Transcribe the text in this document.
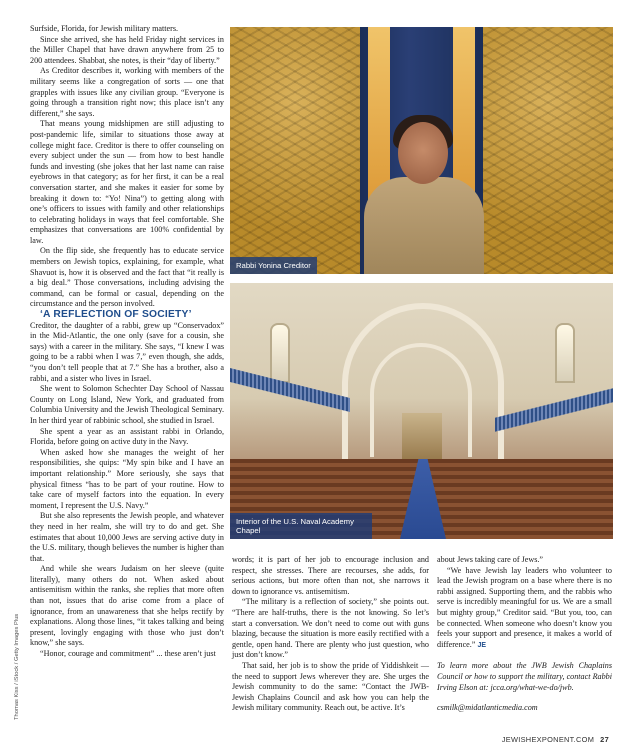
Surfside, Florida, for Jewish military matters.

Since she arrived, she has held Friday night services in the Miller Chapel that have drawn anywhere from 25 to 200 attendees. Shabbat, she notes, is their “day of liberty.”

As Creditor describes it, working with members of the military seems like a congregation of sorts — one that grapples with issues like any civilian group. “Everyone is going through a transition right now; this place isn’t any different,” she says.

That means young midshipmen are still adjusting to post-pandemic life, similar to situations those away at college might face. Creditor is there to offer counseling on every subject under the sun — from how to best handle funds and investing (she jokes that her last name can raise eyebrows in that category; as for her first, it can be a real conversation starter, and she makes it easier for some by breaking it down to: “Yo! Nina”) to getting along with one’s officers to issues with family and other relationships to celebrating holidays in ways that feel comfortable. She emphasizes that conversations are 100% confidential by law.

On the flip side, she frequently has to educate service members on Jewish topics, explaining, for example, what Shavuot is, how it is observed and the fact that “it really is a big deal.” Those conversations, including advising the command, can be formal or casual, depending on the circumstance and the person involved.

‘A REFLECTION OF SOCIETY’

Creditor, the daughter of a rabbi, grew up “Conservadox” in the Mid-Atlantic, the one only (save for a cousin, she says) with a career in the military. She says, “I knew I was going to be a rabbi when I was 7,” even though, she adds, “you don’t tell people that at 7.” She has a brother, also a rabbi, and a sister who lives in Israel.

She went to Solomon Schechter Day School of Nassau County on Long Island, New York, and graduated from Columbia University and the Jewish Theological Seminary. In her third year of rabbinic school, she studied in Israel.

She spent a year as an assistant rabbi in Orlando, Florida, before going on active duty in the Navy.

When asked how she manages the weight of her responsibilities, she quips: “My spin bike and I have an important relationship.” More seriously, she says that physical fitness “has to be part of your routine. How to take care of myself factors into the equation. In every moment, I represent the U.S. Navy.”

But she also represents the Jewish people, and whatever they need in her realm, she will try to do and get. She estimates that about 10,000 Jews are serving active duty in the U.S. military, though believes the number is higher than that.

And while she wears Judaism on her sleeve (quite literally), many others do not. When asked about antisemitism within the ranks, she replies that more often than not, issues that do arise come from a place of ignorance, from an unawareness that she helps rectify by explanations. Along those lines, “it takes talking and being present, lovingly engaging with those who just don’t know,” she says.

“Honor, courage and commitment” ... these aren’t just

Rabbi Yonina Creditor
Interior of the U.S. Naval Academy Chapel

words; it is part of her job to encourage inclusion and respect, she stresses. There are recourses, she adds, for serious actions, but more often than not, she narrows it down to ignorance vs. antisemitism.

“The military is a reflection of society,” she points out. “There are half-truths, there is the not knowing. So let’s start a conversation. We don’t need to come out with guns blazing, because the situation is more easily rectified with a gentle, open hand. There are plenty who just question, who just don’t know.”

That said, her job is to show the pride of Yiddishkeit — the need to support Jews wherever they are. She urges the Jewish community to do the same: “Contact the JWB-Jewish Chaplains Council and ask how you can help the Jewish military community. Reach out, be active. It’s

about Jews taking care of Jews.”

“We have Jewish lay leaders who volunteer to lead the Jewish program on a base where there is no rabbi assigned. Supporting them, and the rabbis who serve is incredibly meaningful for us. We are a small but mighty group,” Creditor said. “But you, too, can be connected. When someone who doesn’t know you feels your support and presence, it makes a world of difference.” JE

To learn more about the JWB Jewish Chaplains Council or how to support the military, contact Rabbi Irving Elson at: jcca.org/what-we-do/jwb.

csmilk@midatlanticmedia.com

Thomas Kiss / iStock / Getty Images Plus
JEWISHEXPONENT.COM 27
